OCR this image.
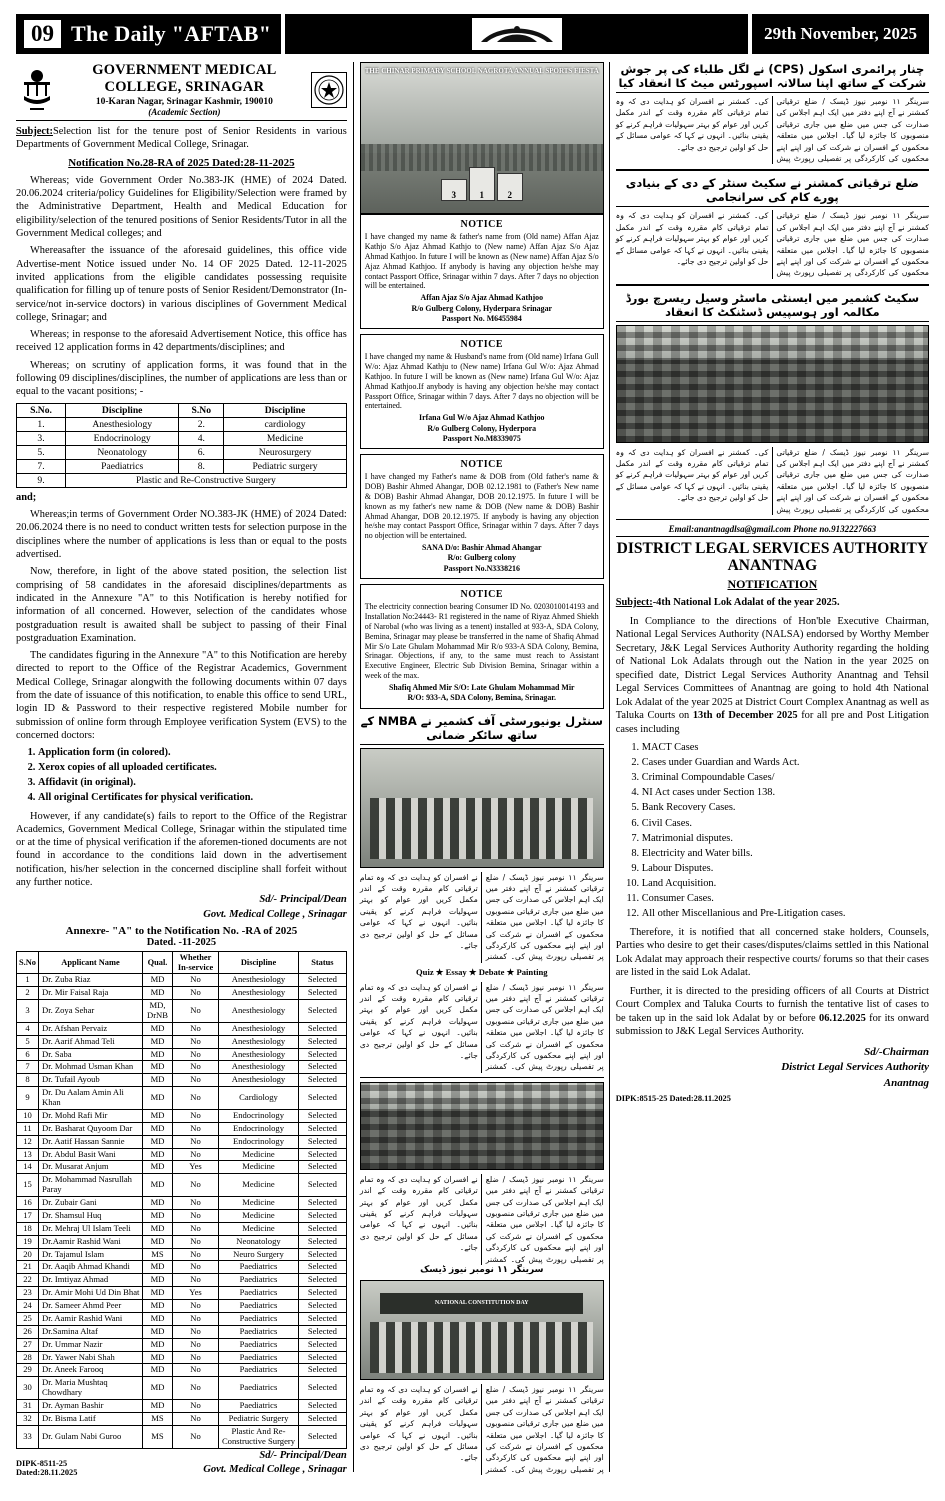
09 The Daily "AFTAB"	29th November, 2025
GOVERNMENT MEDICAL COLLEGE, SRINAGAR
10-Karan Nagar, Srinagar Kashmir, 190010
(Academic Section)

Subject:Selection list for the tenure post of Senior Residents in various Departments of Government Medical College, Srinagar.

Notification No.28-RA of 2025 Dated:28-11-2025

Whereas; vide Government Order No.383-JK (HME) of 2024 Dated. 20.06.2024 criteria/policy Guidelines for Eligibility/Selection were framed by the Administrative Department, Health and Medical Education for eligibility/selection of the tenured positions of Senior Residents/Tutor in all the Government Medical colleges; and

Whereasafter the issuance of the aforesaid guidelines, this office vide Advertise-ment Notice issued under No. 14 OF 2025 Dated. 12-11-2025 invited applications from the eligible candidates possessing requisite qualification for filling up of tenure posts of Senior Resident/Demonstrator (In-service/not in-service doctors) in various disciplines of Government Medical college, Srinagar; and

Whereas; in response to the aforesaid Advertisement Notice, this office has received 12 application forms in 42 departments/disciplines; and

Whereas; on scrutiny of application forms, it was found that in the following 09 disciplines/disciplines, the number of applications are less than or equal to the vacant positions; -

S.No.	Discipline	S.No	Discipline
1.	Anesthesiology	2.	cardiology
3.	Endocrinology	4.	Medicine
5.	Neonatology	6.	Neurosurgery
7.	Paediatrics	8.	Pediatric surgery
9.	Plastic and Re-Constructive Surgery		

and;

Whereas;in terms of Government Order NO.383-JK (HME) of 2024 Dated: 20.06.2024 there is no need to conduct written tests for selection purpose in the disciplines where the number of applications is less than or equal to the posts advertised.

Now, therefore, in light of the above stated position, the selection list comprising of 58 candidates in the aforesaid disciplines/departments as indicated in the Annexure "A" to this Notification is hereby notified for information of all concerned. However, selection of the candidates whose postgraduation result is awaited shall be subject to passing of their Final postgraduation Examination.

The candidates figuring in the Annexure "A" to this Notification are hereby directed to report to the Office of the Registrar Academics, Government Medical College, Srinagar alongwith the following documents within 07 days from the date of issuance of this notification, to enable this office to send URL, login ID & Password to their respective registered Mobile number for submission of online form through Employee verification System (EVS) to the concerned doctors:

1. Application form (in colored).
2. Xerox copies of all uploaded certificates.
3. Affidavit (in original).
4. All original Certificates for physical verification.

However, if any candidate(s) fails to report to the Office of the Registrar Academics, Government Medical College, Srinagar within the stipulated time or at the time of physical verification if the aforemen-tioned documents are not found in accordance to the conditions laid down in the advertisement notification, his/her selection in the concerned discipline shall forfeit without any further notice.

Sd/- Principal/Dean
Govt. Medical College , Srinagar
Annexre- "A" to the Notification No. -RA of 2025
Dated. -11-2025
S.No	Applicant Name	Qual.	Whether In-service	Discipline	Status
1	Dr. Zuba Riaz	MD	No	Anesthesiology	Selected
2	Dr. Mir Faisal Raja	MD	No	Anesthesiology	Selected
3	Dr. Zoya Sehar	MD, DrNB	No	Anesthesiology	Selected
4	Dr. Afshan Pervaiz	MD	No	Anesthesiology	Selected
5	Dr. Aarif Ahmad Teli	MD	No	Anesthesiology	Selected
6	Dr. Saba	MD	No	Anesthesiology	Selected
7	Dr. Mohmad Usman Khan	MD	No	Anesthesiology	Selected
8	Dr. Tufail Ayoub	MD	No	Anesthesiology	Selected
9	Dr. Du Aalam Amin Ali Khan	MD	No	Cardiology	Selected
10	Dr. Mohd Rafi Mir	MD	No	Endocrinology	Selected
11	Dr. Basharat Quyoom Dar	MD	No	Endocrinology	Selected
12	Dr. Aatif Hassan Sannie	MD	No	Endocrinology	Selected
13	Dr. Abdul Basit Wani	MD	No	Medicine	Selected
14	Dr. Musarat Anjum	MD	Yes	Medicine	Selected
15	Dr. Mohammad Nasrullah Paray	MD	No	Medicine	Selected
16	Dr. Zubair Gani	MD	No	Medicine	Selected
17	Dr. Shamsul Huq	MD	No	Medicine	Selected
18	Dr. Mehraj Ul Islam Teeli	MD	No	Medicine	Selected
19	Dr.Aamir Rashid Wani	MD	No	Neonatology	Selected
20	Dr. Tajamul Islam	MS	No	Neuro Surgery	Selected
21	Dr. Aaqib Ahmad Khandi	MD	No	Paediatrics	Selected
22	Dr. Imtiyaz Ahmad	MD	No	Paediatrics	Selected
23	Dr. Amir Mohi Ud Din Bhat	MD	Yes	Paediatrics	Selected
24	Dr. Sameer Ahmd Peer	MD	No	Paediatrics	Selected
25	Dr. Aamir Rashid Wani	MD	No	Paediatrics	Selected
26	Dr.Samina Altaf	MD	No	Paediatrics	Selected
27	Dr. Ummar Nazir	MD	No	Paediatrics	Selected
28	Dr. Yawer Nabi Shah	MD	No	Paediatrics	Selected
29	Dr. Aneek Farooq	MD	No	Paediatrics	Selected
30	Dr. Maria Mushtaq Chowdhary	MD	No	Paediatrics	Selected
31	Dr. Ayman Bashir	MD	No	Paediatrics	Selected
32	Dr. Bisma Latif	MS	No	Pediatric Surgery	Selected
33	Dr. Gulam Nabi Guroo	MS	No	Plastic And Re-Constructive Surgery	Selected
DIPK-8511-25
Dated:28.11.2025
Sd/- Principal/Dean
Govt. Medical College , Srinagar
THE CHINAR PRIMARY SCHOOL NAGROTA ANNUAL SPORTS FIESTA
3	1	2
NOTICE
I have changed my name & father's name from (Old name) Affan Ajaz Kathjo S/o Ajaz Ahmad Kathjo to (New name) Affan Ajaz S/o Ajaz Ahmad Kathjoo. In future I will be known as (New name) Affan Ajaz S/o Ajaz Ahmad Kathjoo. If anybody is having any objection he/she may contact Passport Office, Srinagar within 7 days. After 7 days no objection will be entertained.
Affan Ajaz S/o Ajaz Ahmad Kathjoo
R/o Gulberg Colony, Hyderpara Srinagar
Passport No. M6455984
NOTICE
I have changed my name & Husband's name from (Old name) Irfana Gull W/o: Ajaz Ahmad Kathju to (New name) Irfana Gul W/o: Ajaz Ahmad Kathjoo. In future I will be known as (New name) Irfana Gul W/o: Ajaz Ahmad Kathjoo.If anybody is having any objection he/she may contact Passport Office, Srinagar within 7 days. After 7 days no objection will be entertained.
Irfana Gul W/o Ajaz Ahmad Kathjoo
R/o Gulberg Colony, Hyderpora
Passport No.M8339075
NOTICE
I have changed my Father's name & DOB from (Old father's name & DOB) Bashir Ahmed Ahangar, DOB 02.12.1981 to (Father's New name & DOB) Bashir Ahmad Ahangar, DOB 20.12.1975. In future I will be known as my father's new name & DOB (New name & DOB) Bashir Ahmad Ahangar, DOB 20.12.1975. If anybody is having any objection he/she may contact Passport Office, Srinagar within 7 days. After 7 days no objection will be entertained.
SANA D/o: Bashir Ahmad Ahangar
R/o: Gulberg colony
Passport No.N3338216
NOTICE
The electricity connection bearing Consumer ID No. 0203010014193 and Installation No:24443- R1 registered in the name of Riyaz Ahmed Shiekh of Narobal (who was living as a tenent) installed at 933-A, SDA Colony, Bemina, Srinagar may please be transferred in the name of Shafiq Ahmad Mir S/o Late Ghulam Mohammad Mir R/o 933-A SDA Colony, Bemina, Srinagar. Objections, if any, to the same must reach to Assistant Executive Engineer, Electric Sub Division Bemina, Srinagar within a week of the max.
Shafiq Ahmed Mir S/O: Late Ghulam Mohammad Mir
R/O: 933-A, SDA Colony, Bemina, Srinagar.
سنٹرل یونیورسٹی آف کشمیر نے NMBA کے ساتھ سائکر ضمانی
سرینگر ۱۱ نومبر نیوز ڈیسک / ضلع ترقیاتی کمشنر نے آج اپنے دفتر میں ایک اہم اجلاس کی صدارت کی جس میں ضلع میں جاری ترقیاتی منصوبوں کا جائزہ لیا گیا۔ اجلاس میں متعلقہ محکموں کے افسران نے شرکت کی اور اپنے اپنے محکموں کی کارکردگی پر تفصیلی رپورٹ پیش کی۔ کمشنر نے افسران کو ہدایت دی کہ وہ تمام ترقیاتی کام مقررہ وقت کے اندر مکمل کریں اور عوام کو بہتر سہولیات فراہم کرنے کو یقینی بنائیں۔ انہوں نے کہا کہ عوامی مسائل کے حل کو اولین ترجیح دی جائے۔
Quiz ★ Essay ★ Debate ★ Painting
سرینگر ۱۱ نومبر نیوز ڈیسک / ضلع ترقیاتی کمشنر نے آج اپنے دفتر میں ایک اہم اجلاس کی صدارت کی جس میں ضلع میں جاری ترقیاتی منصوبوں کا جائزہ لیا گیا۔ اجلاس میں متعلقہ محکموں کے افسران نے شرکت کی اور اپنے اپنے محکموں کی کارکردگی پر تفصیلی رپورٹ پیش کی۔ کمشنر نے افسران کو ہدایت دی کہ وہ تمام ترقیاتی کام مقررہ وقت کے اندر مکمل کریں اور عوام کو بہتر سہولیات فراہم کرنے کو یقینی بنائیں۔ انہوں نے کہا کہ عوامی مسائل کے حل کو اولین ترجیح دی جائے۔
سرینگر ۱۱ نومبر نیوز ڈیسک / ضلع ترقیاتی کمشنر نے آج اپنے دفتر میں ایک اہم اجلاس کی صدارت کی جس میں ضلع میں جاری ترقیاتی منصوبوں کا جائزہ لیا گیا۔ اجلاس میں متعلقہ محکموں کے افسران نے شرکت کی اور اپنے اپنے محکموں کی کارکردگی پر تفصیلی رپورٹ پیش کی۔ کمشنر نے افسران کو ہدایت دی کہ وہ تمام ترقیاتی کام مقررہ وقت کے اندر مکمل کریں اور عوام کو بہتر سہولیات فراہم کرنے کو یقینی بنائیں۔ انہوں نے کہا کہ عوامی مسائل کے حل کو اولین ترجیح دی جائے۔
سرینگر ۱۱ نومبر نیوز ڈیسک
NATIONAL CONSTITUTION DAY
سرینگر ۱۱ نومبر نیوز ڈیسک / ضلع ترقیاتی کمشنر نے آج اپنے دفتر میں ایک اہم اجلاس کی صدارت کی جس میں ضلع میں جاری ترقیاتی منصوبوں کا جائزہ لیا گیا۔ اجلاس میں متعلقہ محکموں کے افسران نے شرکت کی اور اپنے اپنے محکموں کی کارکردگی پر تفصیلی رپورٹ پیش کی۔ کمشنر نے افسران کو ہدایت دی کہ وہ تمام ترقیاتی کام مقررہ وقت کے اندر مکمل کریں اور عوام کو بہتر سہولیات فراہم کرنے کو یقینی بنائیں۔ انہوں نے کہا کہ عوامی مسائل کے حل کو اولین ترجیح دی جائے۔
چنار پرائمری اسکول (CPS) نے لگل طلباء کی پر جوش شرکت کے ساتھ اپنا سالانہ اسپورٹس میٹ کا انعقاد کیا
سرینگر ۱۱ نومبر نیوز ڈیسک / ضلع ترقیاتی کمشنر نے آج اپنے دفتر میں ایک اہم اجلاس کی صدارت کی جس میں ضلع میں جاری ترقیاتی منصوبوں کا جائزہ لیا گیا۔ اجلاس میں متعلقہ محکموں کے افسران نے شرکت کی اور اپنے اپنے محکموں کی کارکردگی پر تفصیلی رپورٹ پیش کی۔ کمشنر نے افسران کو ہدایت دی کہ وہ تمام ترقیاتی کام مقررہ وقت کے اندر مکمل کریں اور عوام کو بہتر سہولیات فراہم کرنے کو یقینی بنائیں۔ انہوں نے کہا کہ عوامی مسائل کے حل کو اولین ترجیح دی جائے۔
ضلع ترقیاتی کمشنر نے سکیٹ سنٹر کے دی کے بنیادی پورے کام کی سرانجامی
سرینگر ۱۱ نومبر نیوز ڈیسک / ضلع ترقیاتی کمشنر نے آج اپنے دفتر میں ایک اہم اجلاس کی صدارت کی جس میں ضلع میں جاری ترقیاتی منصوبوں کا جائزہ لیا گیا۔ اجلاس میں متعلقہ محکموں کے افسران نے شرکت کی اور اپنے اپنے محکموں کی کارکردگی پر تفصیلی رپورٹ پیش کی۔ کمشنر نے افسران کو ہدایت دی کہ وہ تمام ترقیاتی کام مقررہ وقت کے اندر مکمل کریں اور عوام کو بہتر سہولیات فراہم کرنے کو یقینی بنائیں۔ انہوں نے کہا کہ عوامی مسائل کے حل کو اولین ترجیح دی جائے۔
سکیٹ کشمیر میں ایسنٹی ماسٹر وسیل ریسرچ بورڈ مکالمہ اور ہوسپیس ڈسٹنکٹ کا انعقاد
سرینگر ۱۱ نومبر نیوز ڈیسک / ضلع ترقیاتی کمشنر نے آج اپنے دفتر میں ایک اہم اجلاس کی صدارت کی جس میں ضلع میں جاری ترقیاتی منصوبوں کا جائزہ لیا گیا۔ اجلاس میں متعلقہ محکموں کے افسران نے شرکت کی اور اپنے اپنے محکموں کی کارکردگی پر تفصیلی رپورٹ پیش کی۔ کمشنر نے افسران کو ہدایت دی کہ وہ تمام ترقیاتی کام مقررہ وقت کے اندر مکمل کریں اور عوام کو بہتر سہولیات فراہم کرنے کو یقینی بنائیں۔ انہوں نے کہا کہ عوامی مسائل کے حل کو اولین ترجیح دی جائے۔
Email:anantnagdlsa@gmail.com Phone no.9132227663
DISTRICT LEGAL SERVICES AUTHORITY ANANTNAG
NOTIFICATION

Subject:-4th National Lok Adalat of the year 2025.

In Compliance to the directions of Hon'ble Executive Chairman, National Legal Services Authority (NALSA) endorsed by Worthy Member Secretary, J&K Legal Services Authority Authority regarding the holding of National Lok Adalats through out the Nation in the year 2025 on specified date, District Legal Services Authority Anantnag and Tehsil Legal Services Committees of Anantnag are going to hold 4th National Lok Adalat of the year 2025 at District Court Complex Anantnag as well as Taluka Courts on 13th of December 2025 for all pre and Post Litigation cases including

1. MACT Cases
2. Cases under Guardian and Wards Act.
3. Criminal Compoundable Cases/
4. NI Act cases under Section 138.
5. Bank Recovery Cases.
6. Civil Cases.
7. Matrimonial disputes.
8. Electricity and Water bills.
9. Labour Disputes.
10. Land Acquisition.
11. Consumer Cases.
12. All other Miscellanious and Pre-Litigation cases.

Therefore, it is notified that all concerned stake holders, Counsels, Parties who desire to get their cases/disputes/claims settled in this National Lok Adalat may approach their respective courts/ forums so that their cases are listed in the said Lok Adalat.

Further, it is directed to the presiding officers of all Courts at District Court Complex and Taluka Courts to furnish the tentative list of cases to be taken up in the said lok Adalat by or before 06.12.2025 for its onward submission to J&K Legal Services Authority.

Sd/-Chairman
District Legal Services Authority
Anantnag
DIPK:8515-25 Dated:28.11.2025
